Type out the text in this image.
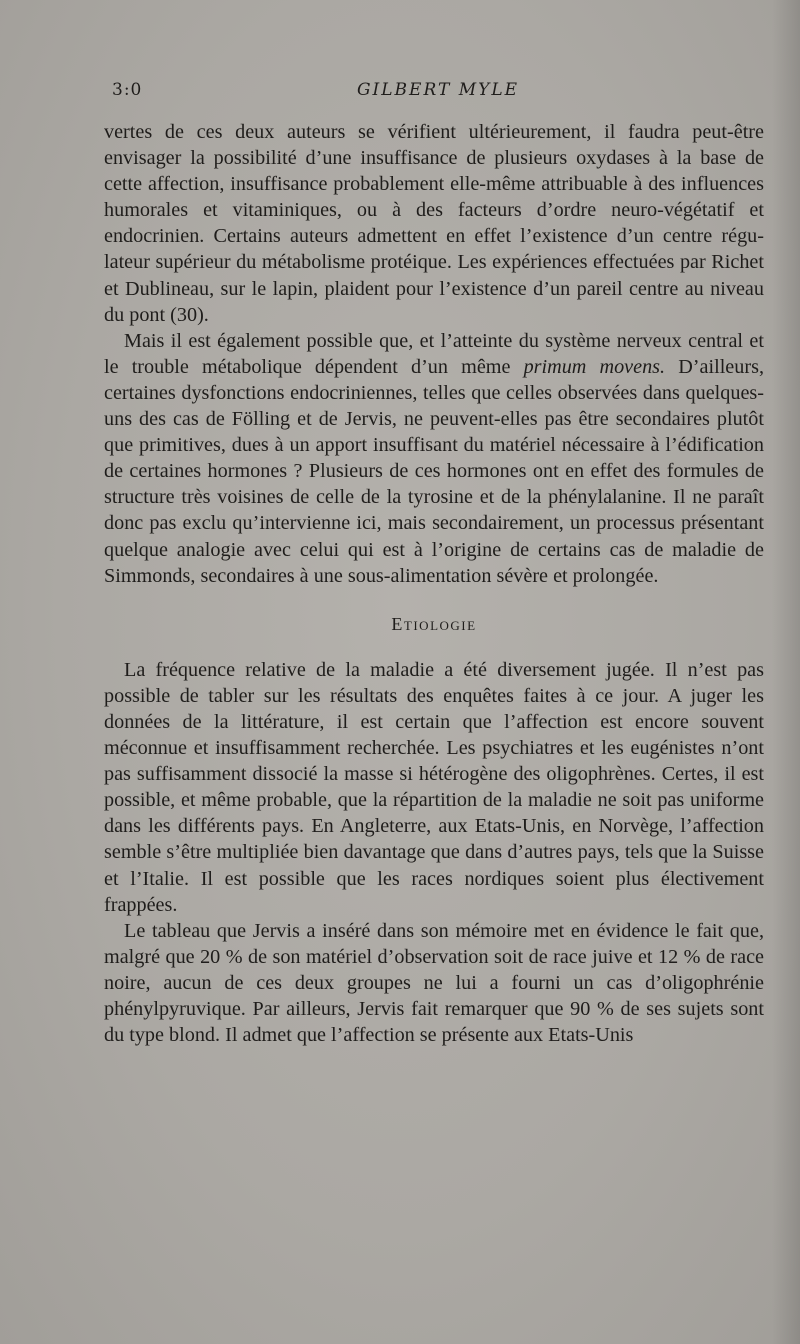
3:0	GILBERT MYLE

vertes de ces deux auteurs se vérifient ultérieurement, il faudra peut-être envisager la possibilité d’une insuffisance de plusieurs oxydases à la base de cette affection, insuffisance probablement elle-même attribuable à des influences humorales et vitaminiques, ou à des facteurs d’ordre neuro-végétatif et endocrinien. Certains auteurs admettent en effet l’existence d’un centre régulateur supérieur du métabolisme protéique. Les expériences effectuées par Richet et Dublineau, sur le lapin, plaident pour l’existence d’un pareil centre au niveau du pont (30).

Mais il est également possible que, et l’atteinte du système nerveux central et le trouble métabolique dépendent d’un même primum movens. D’ailleurs, certaines dysfonctions endocriniennes, telles que celles observées dans quelques-uns des cas de Fölling et de Jervis, ne peuvent-elles pas être secondaires plutôt que primitives, dues à un apport insuffisant du matériel nécessaire à l’édification de certaines hormones ? Plusieurs de ces hormones ont en effet des formules de structure très voisines de celle de la tyrosine et de la phénylalanine. Il ne paraît donc pas exclu qu’intervienne ici, mais secondairement, un processus présentant quelque analogie avec celui qui est à l’origine de certains cas de maladie de Simmonds, secondaires à une sous-alimentation sévère et prolongée.

Etiologie

La fréquence relative de la maladie a été diversement jugée. Il n’est pas possible de tabler sur les résultats des enquêtes faites à ce jour. A juger les données de la littérature, il est certain que l’affection est encore souvent méconnue et insuffisamment recherchée. Les psychiatres et les eugénistes n’ont pas suffisamment dissocié la masse si hétérogène des oligophrènes. Certes, il est possible, et même probable, que la répartition de la maladie ne soit pas uniforme dans les différents pays. En Angleterre, aux Etats-Unis, en Norvège, l’affection semble s’être multipliée bien davantage que dans d’autres pays, tels que la Suisse et l’Italie. Il est possible que les races nordiques soient plus électivement frappées.

Le tableau que Jervis a inséré dans son mémoire met en évidence le fait que, malgré que 20 % de son matériel d’observation soit de race juive et 12 % de race noire, aucun de ces deux groupes ne lui a fourni un cas d’oligophrénie phénylpyruvique. Par ailleurs, Jervis fait remarquer que 90 % de ses sujets sont du type blond. Il admet que l’affection se présente aux Etats-Unis
